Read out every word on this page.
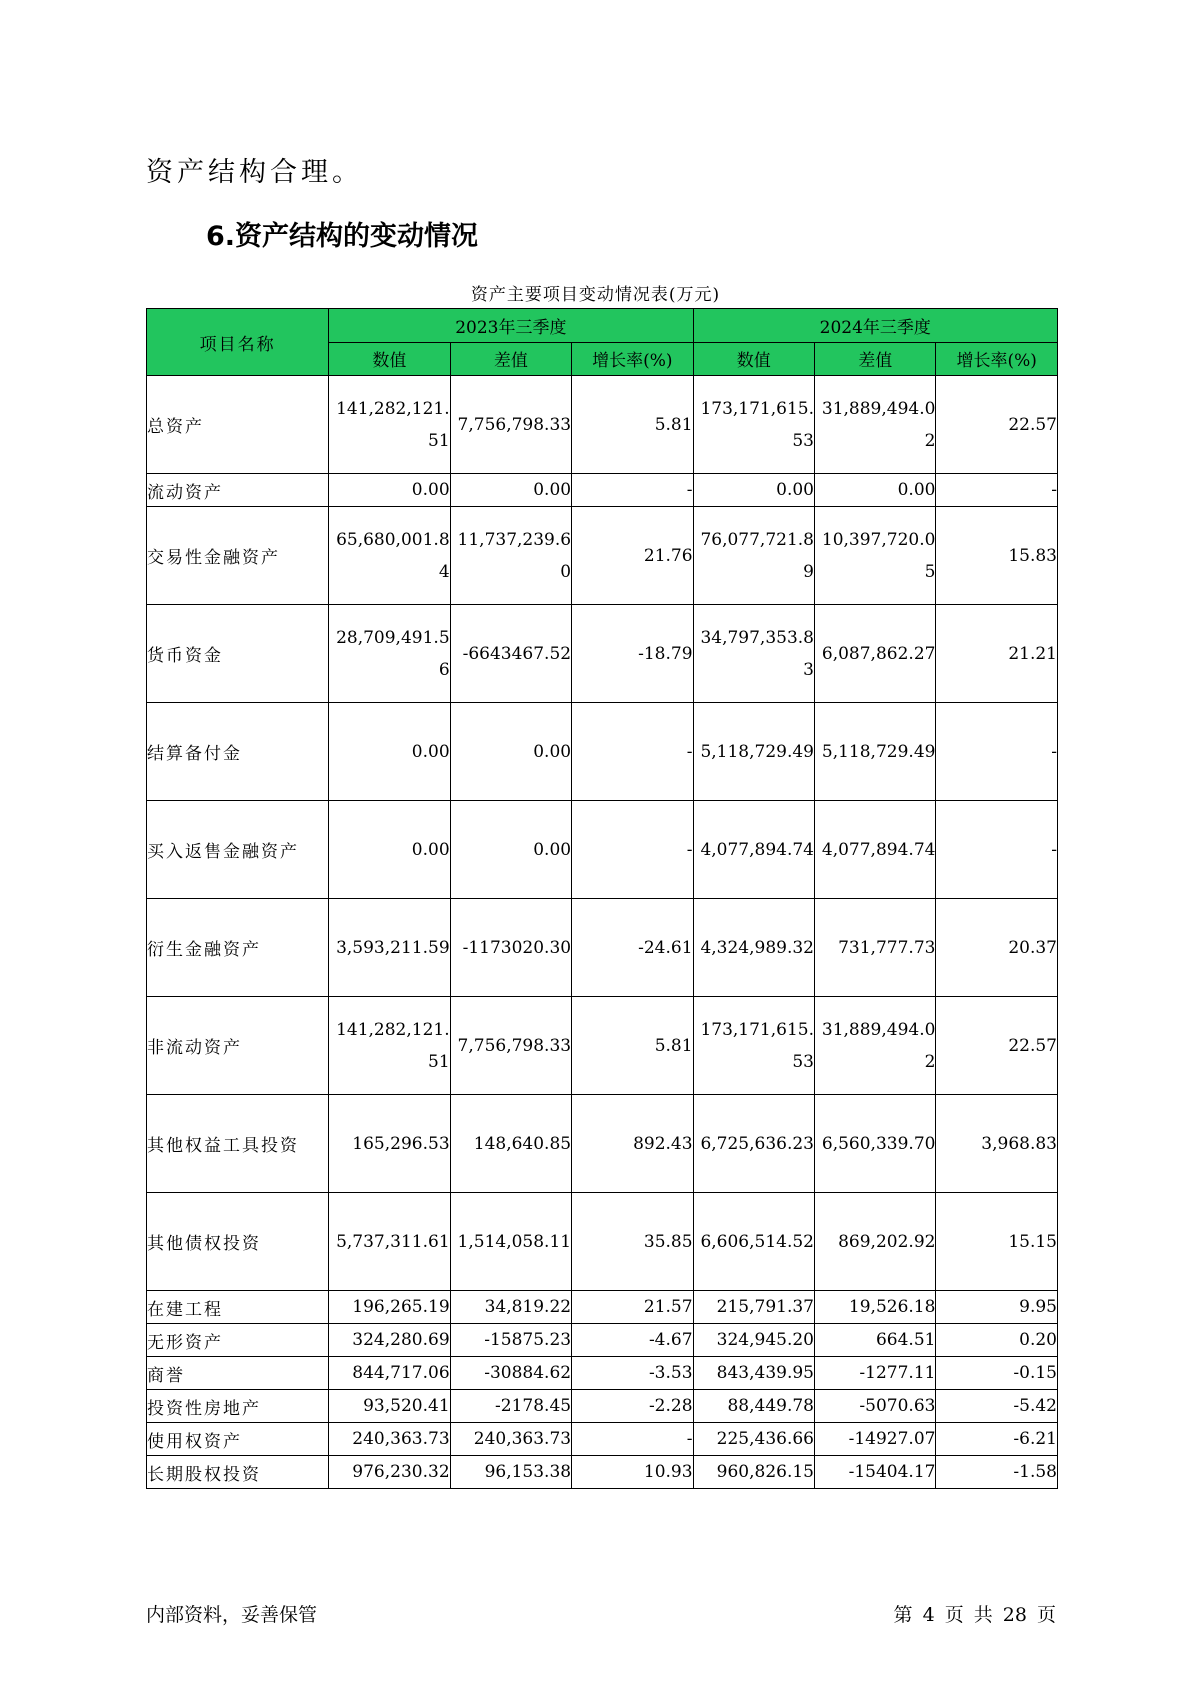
资产结构合理。
6.资产结构的变动情况
资产主要项目变动情况表(万元)
项目名称	2023年三季度			2024年三季度		
	数值	差值	增长率(%)	数值	差值	增长率(%)
总资产	141,282,121.51	7,756,798.33	5.81	173,171,615.53	31,889,494.02	22.57
流动资产	0.00	0.00	-	0.00	0.00	-
交易性金融资产	65,680,001.84	11,737,239.60	21.76	76,077,721.89	10,397,720.05	15.83
货币资金	28,709,491.56	-6643467.52	-18.79	34,797,353.83	6,087,862.27	21.21
结算备付金	0.00	0.00	-	5,118,729.49	5,118,729.49	-
买入返售金融资产	0.00	0.00	-	4,077,894.74	4,077,894.74	-
衍生金融资产	3,593,211.59	-1173020.30	-24.61	4,324,989.32	731,777.73	20.37
非流动资产	141,282,121.51	7,756,798.33	5.81	173,171,615.53	31,889,494.02	22.57
其他权益工具投资	165,296.53	148,640.85	892.43	6,725,636.23	6,560,339.70	3,968.83
其他债权投资	5,737,311.61	1,514,058.11	35.85	6,606,514.52	869,202.92	15.15
在建工程	196,265.19	34,819.22	21.57	215,791.37	19,526.18	9.95
无形资产	324,280.69	-15875.23	-4.67	324,945.20	664.51	0.20
商誉	844,717.06	-30884.62	-3.53	843,439.95	-1277.11	-0.15
投资性房地产	93,520.41	-2178.45	-2.28	88,449.78	-5070.63	-5.42
使用权资产	240,363.73	240,363.73	-	225,436.66	-14927.07	-6.21
长期股权投资	976,230.32	96,153.38	10.93	960,826.15	-15404.17	-1.58
内部资料，妥善保管	第 4 页 共 28 页
